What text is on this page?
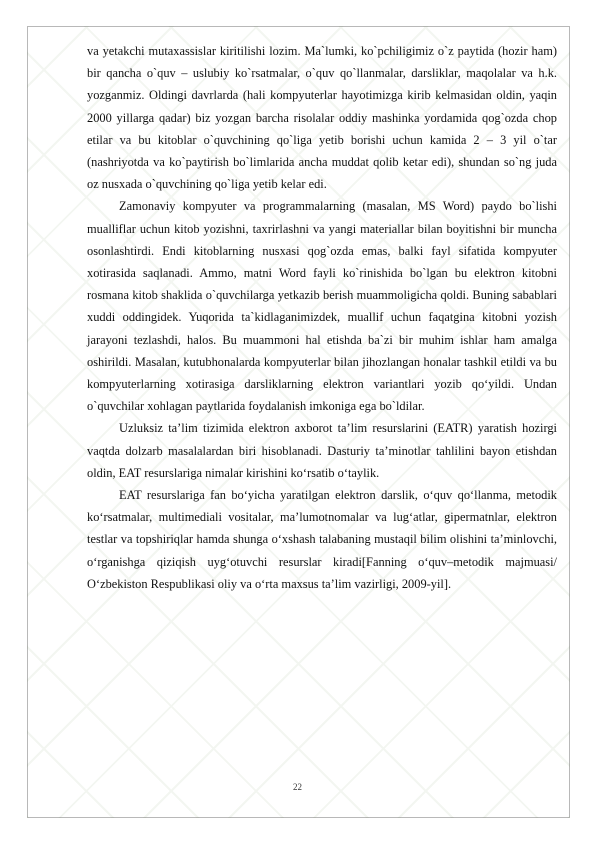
va yetakchi mutaxassislar kiritilishi lozim. Ma`lumki, ko`pchiligimiz o`z paytida (hozir ham) bir qancha o`quv – uslubiy ko`rsatmalar, o`quv qo`llanmalar, darsliklar, maqolalar va h.k. yozganmiz. Oldingi davrlarda (hali kompyuterlar hayotimizga kirib kelmasidan oldin, yaqin 2000 yillarga qadar) biz yozgan barcha risolalar oddiy mashinka yordamida qog`ozda chop etilar va bu kitoblar o`quvchining qo`liga yetib borishi uchun kamida 2 – 3 yil o`tar (nashriyotda va ko`paytirish bo`limlarida ancha muddat qolib ketar edi), shundan so`ng juda oz nusxada o`quvchining qo`liga yetib kelar edi.

Zamonaviy kompyuter va programmalarning (masalan, MS Word) paydo bo`lishi mualliflar uchun kitob yozishni, taxrirlashni va yangi materiallar bilan boyitishni bir muncha osonlashtirdi. Endi kitoblarning nusxasi qog`ozda emas, balki fayl sifatida kompyuter xotirasida saqlanadi. Ammo, matni Word fayli ko`rinishida bo`lgan bu elektron kitobni rosmana kitob shaklida o`quvchilarga yetkazib berish muammoligicha qoldi. Buning sabablari xuddi oddingidek. Yuqorida ta`kidlaganimizdek, muallif uchun faqatgina kitobni yozish jarayoni tezlashdi, halos. Bu muammoni hal etishda ba`zi bir muhim ishlar ham amalga oshirildi. Masalan, kutubhonalarda kompyuterlar bilan jihozlangan honalar tashkil etildi va bu kompyuterlarning xotirasiga darsliklarning elektron variantlari yozib qo‘yildi. Undan o`quvchilar xohlagan paytlarida foydalanish imkoniga ega bo`ldilar.

Uzluksiz ta’lim tizimida elektron axborot ta’lim resurslarini (EATR) yaratish hozirgi vaqtda dolzarb masalalardan biri hisoblanadi. Dasturiy ta’minotlar tahlilini bayon etishdan oldin, EAT resurslariga nimalar kirishini ko‘rsatib o‘taylik.

EAT resurslariga fan bo‘yicha yaratilgan elektron darslik, o‘quv qo‘llanma, metodik ko‘rsatmalar, multimediali vositalar, ma’lumotnomalar va lug‘atlar, gipermatnlar, elektron testlar va topshiriqlar hamda shunga o‘xshash talabaning mustaqil bilim olishini ta’minlovchi, o‘rganishga qiziqish uyg‘otuvchi resurslar kiradi[Fanning o‘quv–metodik majmuasi/ O‘zbekiston Respublikasi oliy va o‘rta maxsus ta’lim vazirligi, 2009-yil].

22
